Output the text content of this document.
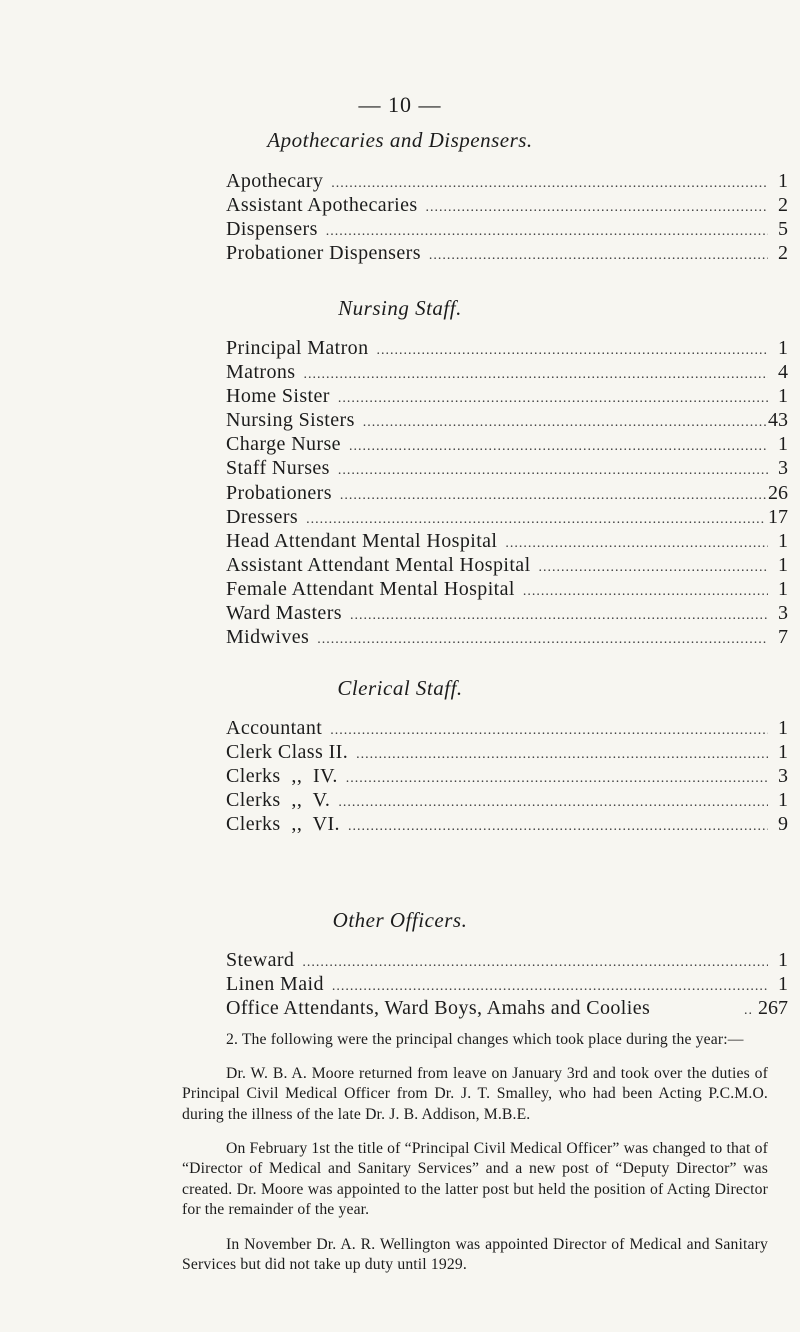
— 10 —
Apothecaries and Dispensers.
Apothecary .....	1
Assistant Apothecaries .....	2
Dispensers .....	5
Probationer Dispensers .....	2
Nursing Staff.
Principal Matron .....	1
Matrons .....	4
Home Sister .....	1
Nursing Sisters .....	43
Charge Nurse .....	1
Staff Nurses .....	3
Probationers .....	26
Dressers .....	17
Head Attendant Mental Hospital .....	1
Assistant Attendant Mental Hospital .....	1
Female Attendant Mental Hospital .....	1
Ward Masters .....	3
Midwives .....	7
Clerical Staff.
Accountant .....	1
Clerk Class II. .....	1
Clerks  ,,  IV. .....	3
Clerks  ,,  V. .....	1
Clerks  ,,  VI. .....	9
Other Officers.
Steward .....	1
Linen Maid .....	1
Office Attendants, Ward Boys, Amahs and Coolies ..	267
2. The following were the principal changes which took place during the year:—
Dr. W. B. A. Moore returned from leave on January 3rd and took over the duties of Principal Civil Medical Officer from Dr. J. T. Smalley, who had been Acting P.C.M.O. during the illness of the late Dr. J. B. Addison, M.B.E.
On February 1st the title of “Principal Civil Medical Officer” was changed to that of “Director of Medical and Sanitary Services” and a new post of “Deputy Director” was created. Dr. Moore was appointed to the latter post but held the position of Acting Director for the remainder of the year.
In November Dr. A. R. Wellington was appointed Director of Medical and Sanitary Services but did not take up duty until 1929.
